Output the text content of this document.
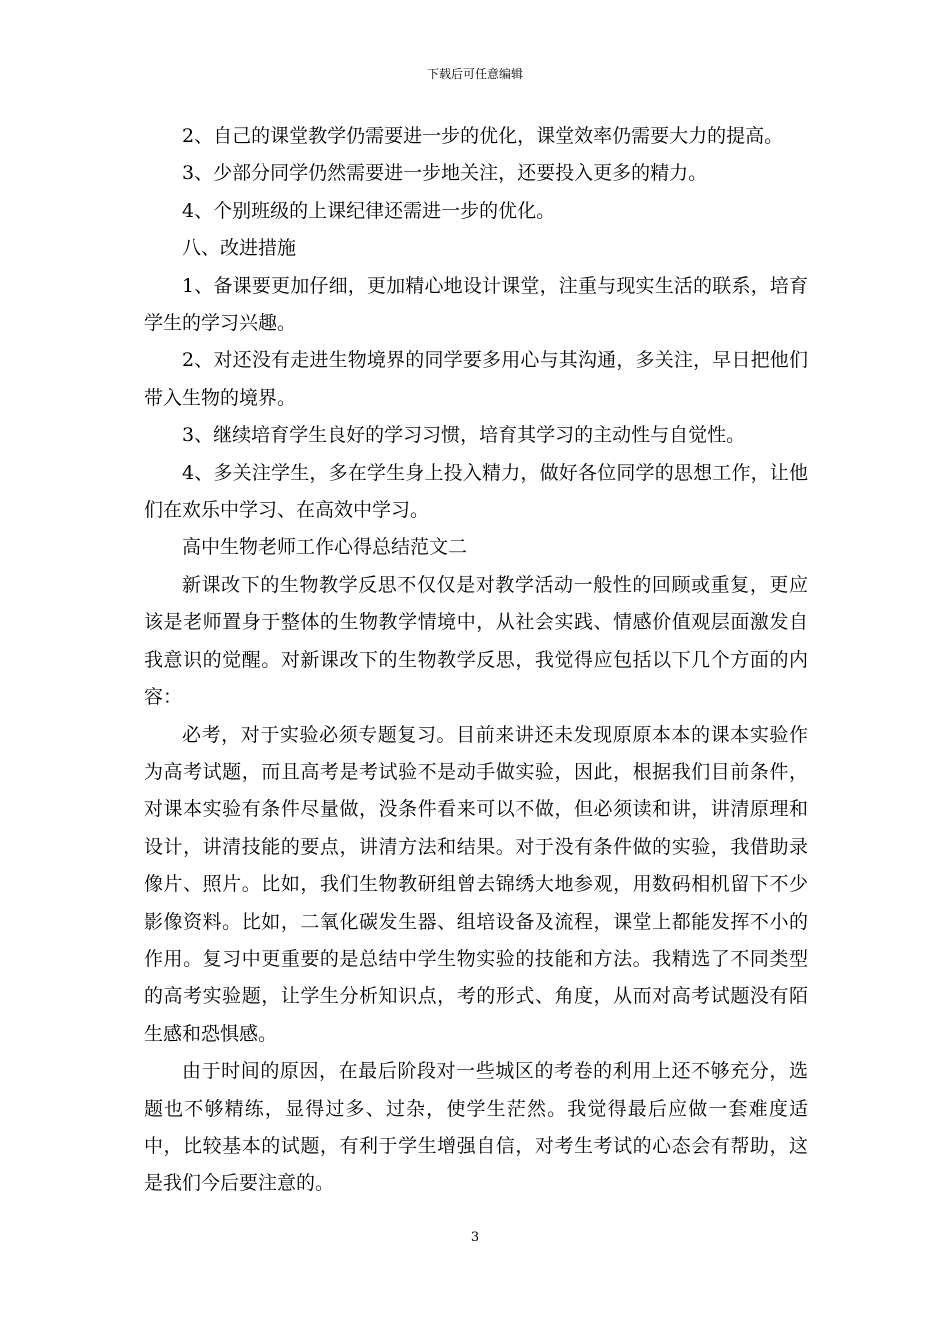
下载后可任意编辑

2、自己的课堂教学仍需要进一步的优化，课堂效率仍需要大力的提高。

3、少部分同学仍然需要进一步地关注，还要投入更多的精力。

4、个别班级的上课纪律还需进一步的优化。

八、改进措施

1、备课要更加仔细，更加精心地设计课堂，注重与现实生活的联系，培育学生的学习兴趣。

2、对还没有走进生物境界的同学要多用心与其沟通，多关注，早日把他们带入生物的境界。

3、继续培育学生良好的学习习惯，培育其学习的主动性与自觉性。

4、多关注学生，多在学生身上投入精力，做好各位同学的思想工作，让他们在欢乐中学习、在高效中学习。

高中生物老师工作心得总结范文二

新课改下的生物教学反思不仅仅是对教学活动一般性的回顾或重复，更应该是老师置身于整体的生物教学情境中，从社会实践、情感价值观层面激发自我意识的觉醒。对新课改下的生物教学反思，我觉得应包括以下几个方面的内容：

必考，对于实验必须专题复习。目前来讲还未发现原原本本的课本实验作为高考试题，而且高考是考试验不是动手做实验，因此，根据我们目前条件，对课本实验有条件尽量做，没条件看来可以不做，但必须读和讲，讲清原理和设计，讲清技能的要点，讲清方法和结果。对于没有条件做的实验，我借助录像片、照片。比如，我们生物教研组曾去锦绣大地参观，用数码相机留下不少影像资料。比如，二氧化碳发生器、组培设备及流程，课堂上都能发挥不小的作用。复习中更重要的是总结中学生物实验的技能和方法。我精选了不同类型的高考实验题，让学生分析知识点，考的形式、角度，从而对高考试题没有陌生感和恐惧感。

由于时间的原因，在最后阶段对一些城区的考卷的利用上还不够充分，选题也不够精练，显得过多、过杂，使学生茫然。我觉得最后应做一套难度适中，比较基本的试题，有利于学生增强自信，对考生考试的心态会有帮助，这是我们今后要注意的。

3
